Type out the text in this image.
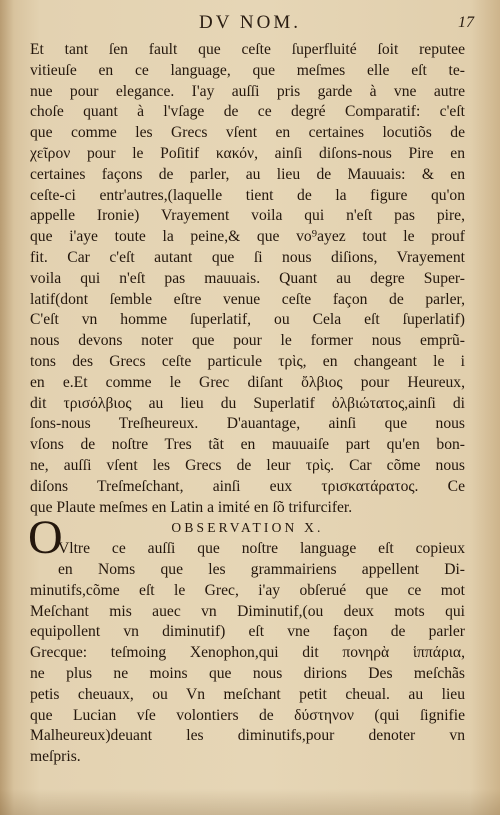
DV NOM.	17
Et tant ſen fault que ceſte ſuperfluité ſoit reputee
vitieuſe en ce language, que meſmes elle eſt te-
nue pour elegance. I'ay auſſi pris garde à vne autre
choſe quant à l'vſage de ce degré Comparatif: c'eſt
que comme les Grecs vſent en certaines locutiõs de
χεῖρον pour le Poſitif κακόν, ainſi diſons-nous Pire en
certaines façons de parler, au lieu de Mauuais: & en
ceſte-ci entr'autres,(laquelle tient de la figure qu'on
appelle Ironie) Vrayement voila qui n'eſt pas pire,
que i'aye toute la peine,& que vo⁹ayez tout le prouf
fit. Car c'eſt autant que ſi nous diſions, Vrayement
voila qui n'eſt pas mauuais. Quant au degre Super-
latif(dont ſemble eſtre venue ceſte façon de parler,
C'eſt vn homme ſuperlatif, ou Cela eſt ſuperlatif)
nous devons noter que pour le former nous emprũ-
tons des Grecs ceſte particule τρὶς, en changeant le i
en e.Et comme le Grec diſant ὄλβιος pour Heureux,
dit τρισόλβιος au lieu du Superlatif ὀλβιώτατος,ainſi di
ſons-nous Treſheureux. D'auantage, ainſi que nous
vſons de noſtre Tres tãt en mauuaiſe part qu'en bon-
ne, auſſi vſent les Grecs de leur τρὶς. Car cõme nous
diſons Treſmeſchant, ainſi eux τρισκατάρατος. Ce
que Plaute meſmes en Latin a imité en ſõ trifurcifer.
OBSERVATION X.
Vltre ce auſſi que noſtre language eſt copieux
en Noms que les grammairiens appellent Di-
minutifs,cõme eſt le Grec, i'ay obſerué que ce mot
Meſchant mis auec vn Diminutif,(ou deux mots qui
equipollent vn diminutif) eſt vne façon de parler
Grecque: teſmoing Xenophon,qui dit πονηρὰ ἱππάρια,
ne plus ne moins que nous dirions Des meſchãs
petis cheuaux, ou Vn meſchant petit cheual. au lieu
que Lucian vſe volontiers de δύστηνον (qui ſignifie
Malheureux)deuant les diminutifs,pour denoter vn
meſpris.
O
